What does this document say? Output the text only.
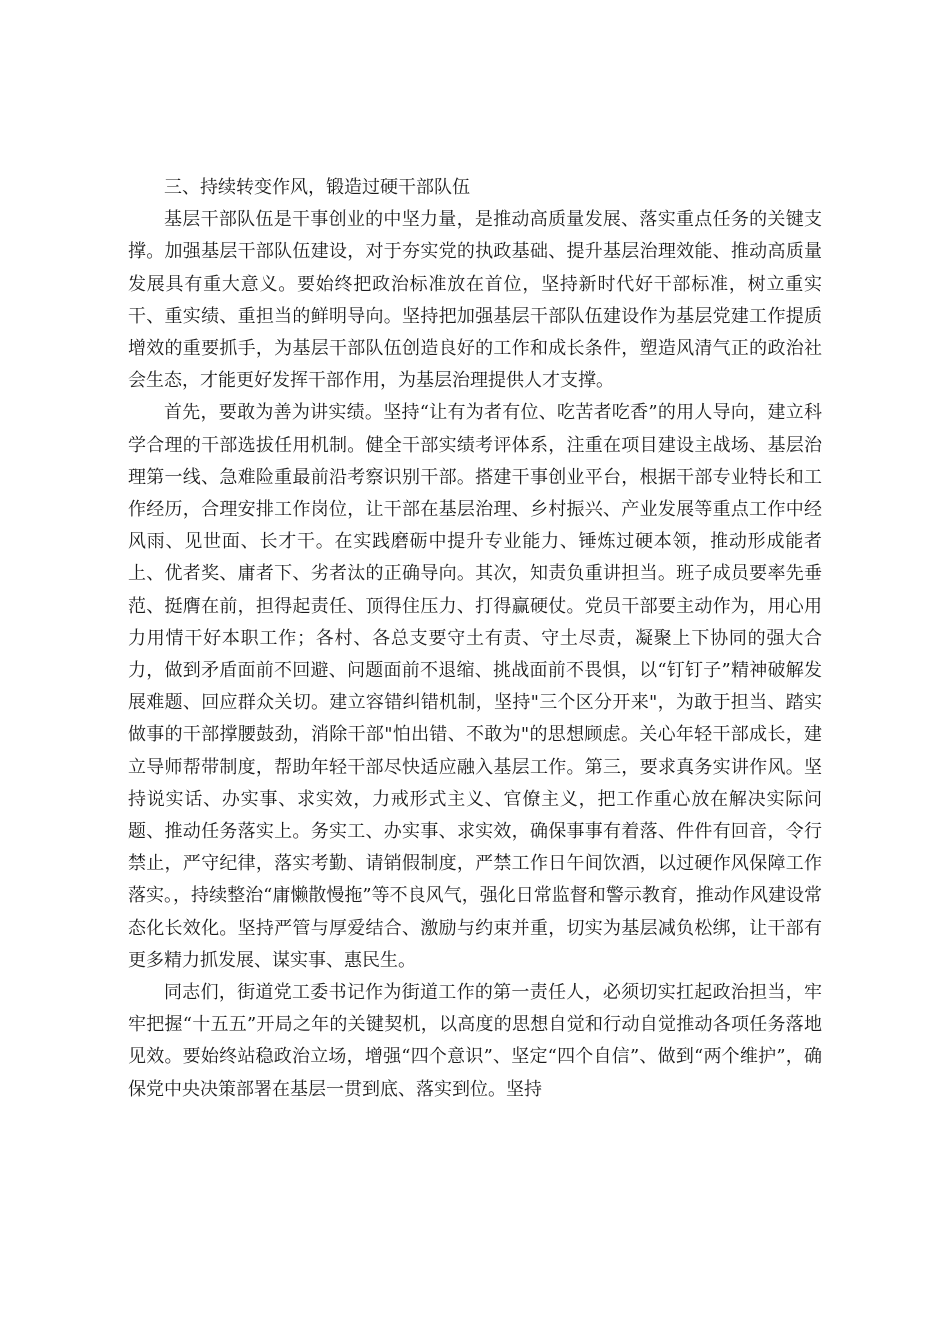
三、持续转变作风，锻造过硬干部队伍

基层干部队伍是干事创业的中坚力量，是推动高质量发展、落实重点任务的关键支撑。加强基层干部队伍建设，对于夯实党的执政基础、提升基层治理效能、推动高质量发展具有重大意义。要始终把政治标准放在首位，坚持新时代好干部标准，树立重实干、重实绩、重担当的鲜明导向。坚持把加强基层干部队伍建设作为基层党建工作提质增效的重要抓手，为基层干部队伍创造良好的工作和成长条件，塑造风清气正的政治社会生态，才能更好发挥干部作用，为基层治理提供人才支撑。

首先，要敢为善为讲实绩。坚持“让有为者有位、吃苦者吃香”的用人导向，建立科学合理的干部选拔任用机制。健全干部实绩考评体系，注重在项目建设主战场、基层治理第一线、急难险重最前沿考察识别干部。搭建干事创业平台，根据干部专业特长和工作经历，合理安排工作岗位，让干部在基层治理、乡村振兴、产业发展等重点工作中经风雨、见世面、长才干。在实践磨砺中提升专业能力、锤炼过硬本领，推动形成能者上、优者奖、庸者下、劣者汰的正确导向。其次，知责负重讲担当。班子成员要率先垂范、挺膺在前，担得起责任、顶得住压力、打得赢硬仗。党员干部要主动作为，用心用力用情干好本职工作；各村、各总支要守土有责、守土尽责，凝聚上下协同的强大合力，做到矛盾面前不回避、问题面前不退缩、挑战面前不畏惧，以“钉钉子”精神破解发展难题、回应群众关切。建立容错纠错机制，坚持"三个区分开来"，为敢于担当、踏实做事的干部撑腰鼓劲，消除干部"怕出错、不敢为"的思想顾虑。关心年轻干部成长，建立导师帮带制度，帮助年轻干部尽快适应融入基层工作。第三，要求真务实讲作风。坚持说实话、办实事、求实效，力戒形式主义、官僚主义，把工作重心放在解决实际问题、推动任务落实上。务实工、办实事、求实效，确保事事有着落、件件有回音，令行禁止，严守纪律，落实考勤、请销假制度，严禁工作日午间饮酒，以过硬作风保障工作落实。，持续整治“庸懒散慢拖”等不良风气，强化日常监督和警示教育，推动作风建设常态化长效化。坚持严管与厚爱结合、激励与约束并重，切实为基层减负松绑，让干部有更多精力抓发展、谋实事、惠民生。

同志们，街道党工委书记作为街道工作的第一责任人，必须切实扛起政治担当，牢牢把握“十五五”开局之年的关键契机，以高度的思想自觉和行动自觉推动各项任务落地见效。要始终站稳政治立场，增强“四个意识”、坚定“四个自信”、做到“两个维护”，确保党中央决策部署在基层一贯到底、落实到位。坚持
